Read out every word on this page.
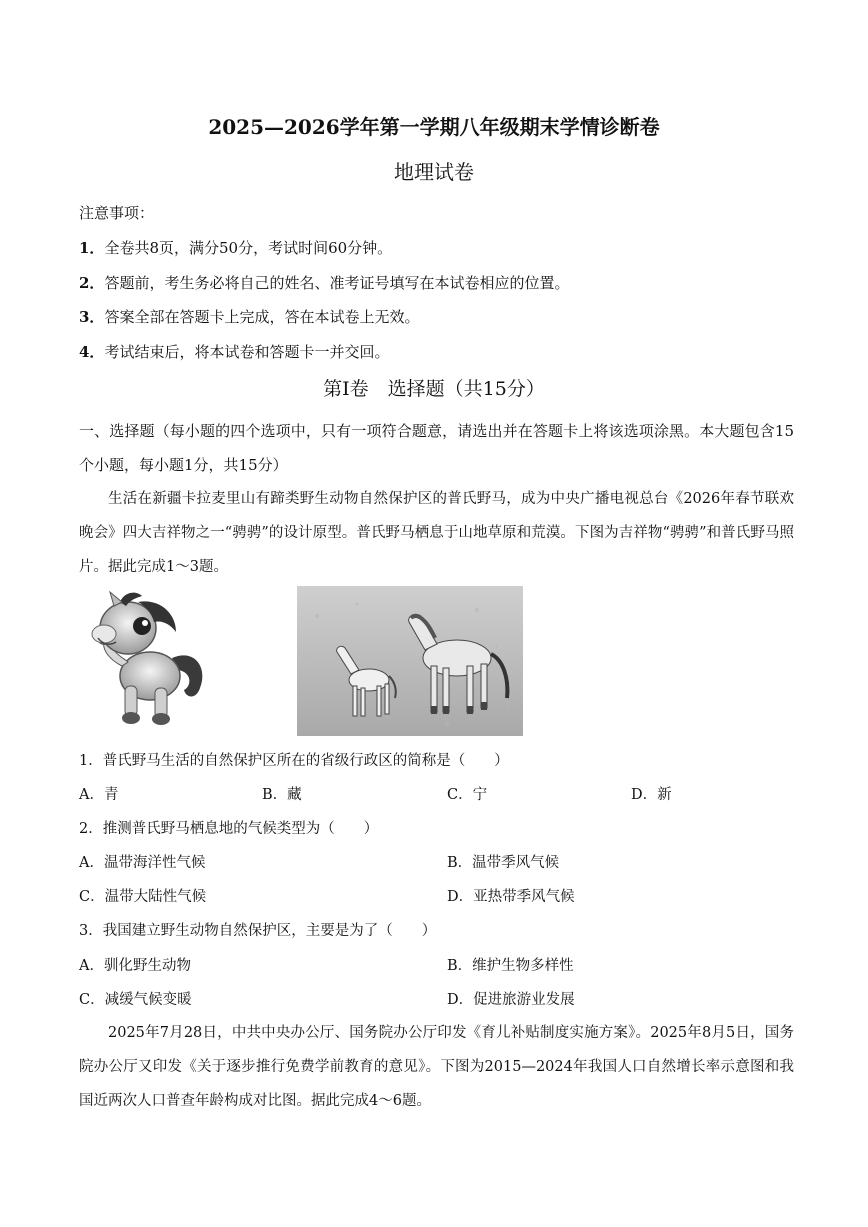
2025—2026学年第一学期八年级期末学情诊断卷
地理试卷
注意事项：
1．全卷共8页，满分50分，考试时间60分钟。
2．答题前，考生务必将自己的姓名、准考证号填写在本试卷相应的位置。
3．答案全部在答题卡上完成，答在本试卷上无效。
4．考试结束后，将本试卷和答题卡一并交回。
第Ⅰ卷　选择题（共15分）
一、选择题（每小题的四个选项中，只有一项符合题意，请选出并在答题卡上将该选项涂黑。本大题包含15个小题，每小题1分，共15分）
生活在新疆卡拉麦里山有蹄类野生动物自然保护区的普氏野马，成为中央广播电视总台《2026年春节联欢晚会》四大吉祥物之一“骋骋”的设计原型。普氏野马栖息于山地草原和荒漠。下图为吉祥物“骋骋”和普氏野马照片。据此完成1～3题。
1．普氏野马生活的自然保护区所在的省级行政区的简称是（　　）
A．青	B．藏	C．宁	D．新
2．推测普氏野马栖息地的气候类型为（　　）
A．温带海洋性气候	B．温带季风气候
C．温带大陆性气候	D．亚热带季风气候
3．我国建立野生动物自然保护区，主要是为了（　　）
A．驯化野生动物	B．维护生物多样性
C．减缓气候变暖	D．促进旅游业发展
2025年7月28日，中共中央办公厅、国务院办公厅印发《育儿补贴制度实施方案》。2025年8月5日，国务院办公厅又印发《关于逐步推行免费学前教育的意见》。下图为2015—2024年我国人口自然增长率示意图和我国近两次人口普查年龄构成对比图。据此完成4～6题。
